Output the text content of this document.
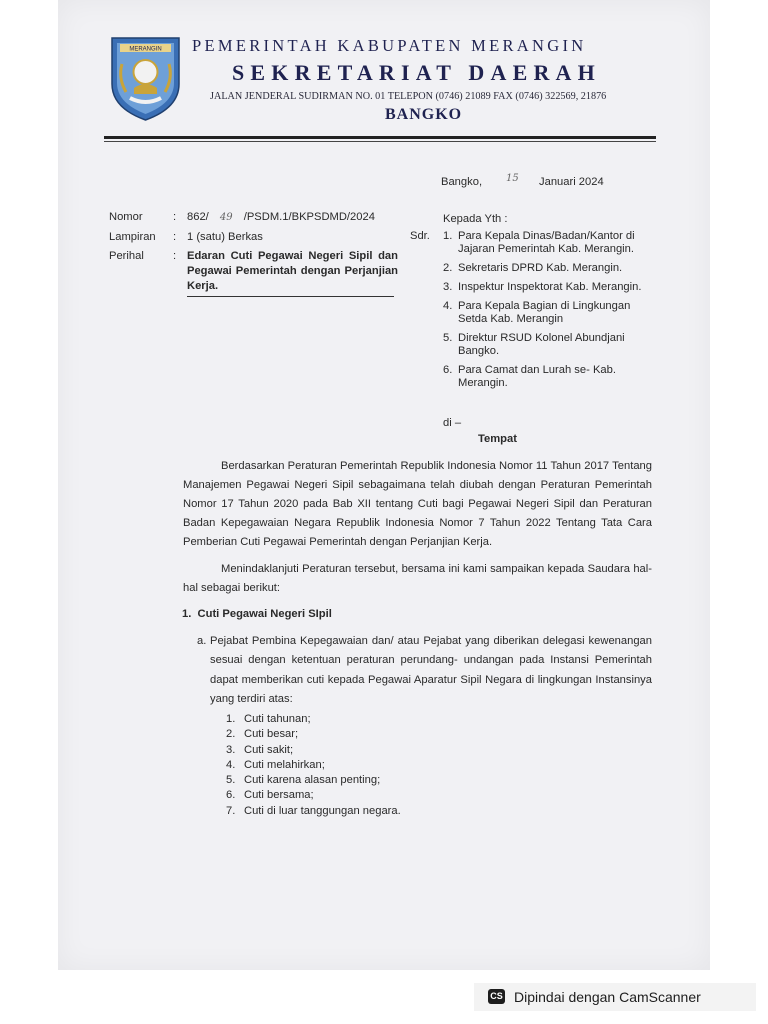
MERANGIN PEMERINTAH KABUPATEN MERANGIN
SEKRETARIAT DAERAH
JALAN JENDERAL SUDIRMAN NO. 01 TELEPON (0746) 21089 FAX (0746) 322569, 21876
BANGKO
Bangko, 15 Januari 2024
Nomor	: 862/ 49 /PSDM.1/BKPSDMD/2024
Lampiran : 1 (satu) Berkas
Perihal	: Edaran Cuti Pegawai Negeri Sipil dan Pegawai Pemerintah dengan Perjanjian Kerja.
Sdr.
Kepada Yth :
1. Para Kepala Dinas/Badan/Kantor di Jajaran Pemerintah Kab. Merangin.
2. Sekretaris DPRD Kab. Merangin.
3. Inspektur Inspektorat Kab. Merangin.
4. Para Kepala Bagian di Lingkungan Setda Kab. Merangin
5. Direktur RSUD Kolonel Abundjani Bangko.
6. Para Camat dan Lurah se- Kab. Merangin.
di –
Tempat
Berdasarkan Peraturan Pemerintah Republik Indonesia Nomor 11 Tahun 2017 Tentang Manajemen Pegawai Negeri Sipil sebagaimana telah diubah dengan Peraturan Pemerintah Nomor 17 Tahun 2020 pada Bab XII tentang Cuti bagi Pegawai Negeri Sipil dan Peraturan Badan Kepegawaian Negara Republik Indonesia Nomor 7 Tahun 2022 Tentang Tata Cara Pemberian Cuti Pegawai Pemerintah dengan Perjanjian Kerja.
Menindaklanjuti Peraturan tersebut, bersama ini kami sampaikan kepada Saudara hal- hal sebagai berikut:
1.  Cuti Pegawai Negeri SIpil
a. Pejabat Pembina Kepegawaian dan/ atau Pejabat yang diberikan delegasi kewenangan sesuai dengan ketentuan peraturan perundang- undangan pada Instansi Pemerintah dapat memberikan cuti kepada Pegawai Aparatur Sipil Negara di lingkungan Instansinya yang terdiri atas:
1. Cuti tahunan;
2. Cuti besar;
3. Cuti sakit;
4. Cuti melahirkan;
5. Cuti karena alasan penting;
6. Cuti bersama;
7. Cuti di luar tanggungan negara.
CS Dipindai dengan CamScanner
